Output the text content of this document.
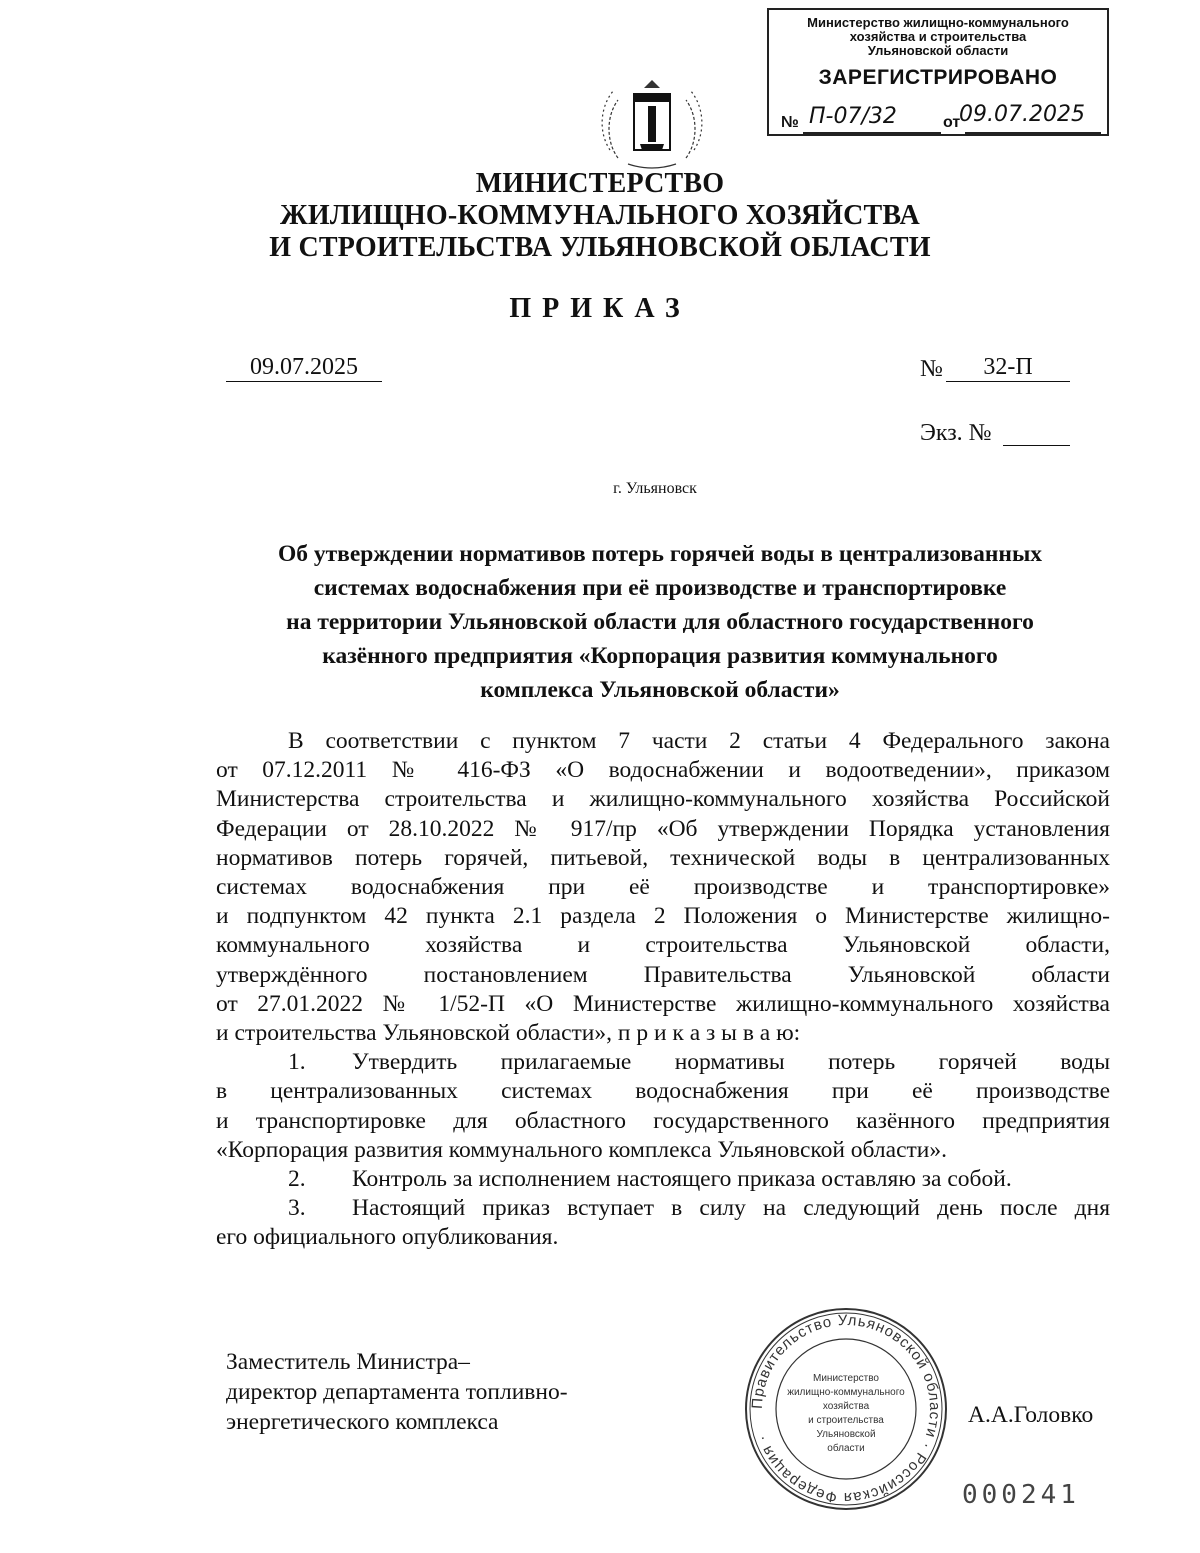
Министерство жилищно-коммунального
хозяйства и строительства
Ульяновской области
ЗАРЕГИСТРИРОВАНО
№ П-07/32	от
09.07.2025
МИНИСТЕРСТВО
ЖИЛИЩНО-КОММУНАЛЬНОГО ХОЗЯЙСТВА
И СТРОИТЕЛЬСТВА УЛЬЯНОВСКОЙ ОБЛАСТИ
ПРИКАЗ
09.07.2025	№	32-П
Экз. №
г. Ульяновск
Об утверждении нормативов потерь горячей воды в централизованных
системах водоснабжения при её производстве и транспортировке
на территории Ульяновской области для областного государственного
казённого предприятия «Корпорация развития коммунального
комплекса Ульяновской области»
В соответствии с пунктом 7 части 2 статьи 4 Федерального закона
от 07.12.2011 № 416-ФЗ «О водоснабжении и водоотведении», приказом
Министерства строительства и жилищно-коммунального хозяйства Российской
Федерации от 28.10.2022 № 917/пр «Об утверждении Порядка установления
нормативов потерь горячей, питьевой, технической воды в централизованных
системах водоснабжения при её производстве и транспортировке»
и подпунктом 42 пункта 2.1 раздела 2 Положения о Министерстве жилищно-
коммунального хозяйства и строительства Ульяновской области,
утверждённого постановлением Правительства Ульяновской области
от 27.01.2022 № 1/52-П «О Министерстве жилищно-коммунального хозяйства
и строительства Ульяновской области», п р и к а з ы в а ю:
1. Утвердить прилагаемые нормативы потерь горячей воды
в централизованных системах водоснабжения при её производстве
и транспортировке для областного государственного казённого предприятия
«Корпорация развития коммунального комплекса Ульяновской области».
2. Контроль за исполнением настоящего приказа оставляю за собой.
3. Настоящий приказ вступает в силу на следующий день после дня
его официального опубликования.
Заместитель Министра–
директор департамента топливно-
энергетического комплекса	А.А.Головко
Правительство Ульяновской области · Российская Федерация ·
Министерство
жилищно-коммунального
хозяйства
и строительства
Ульяновской
области
000241
